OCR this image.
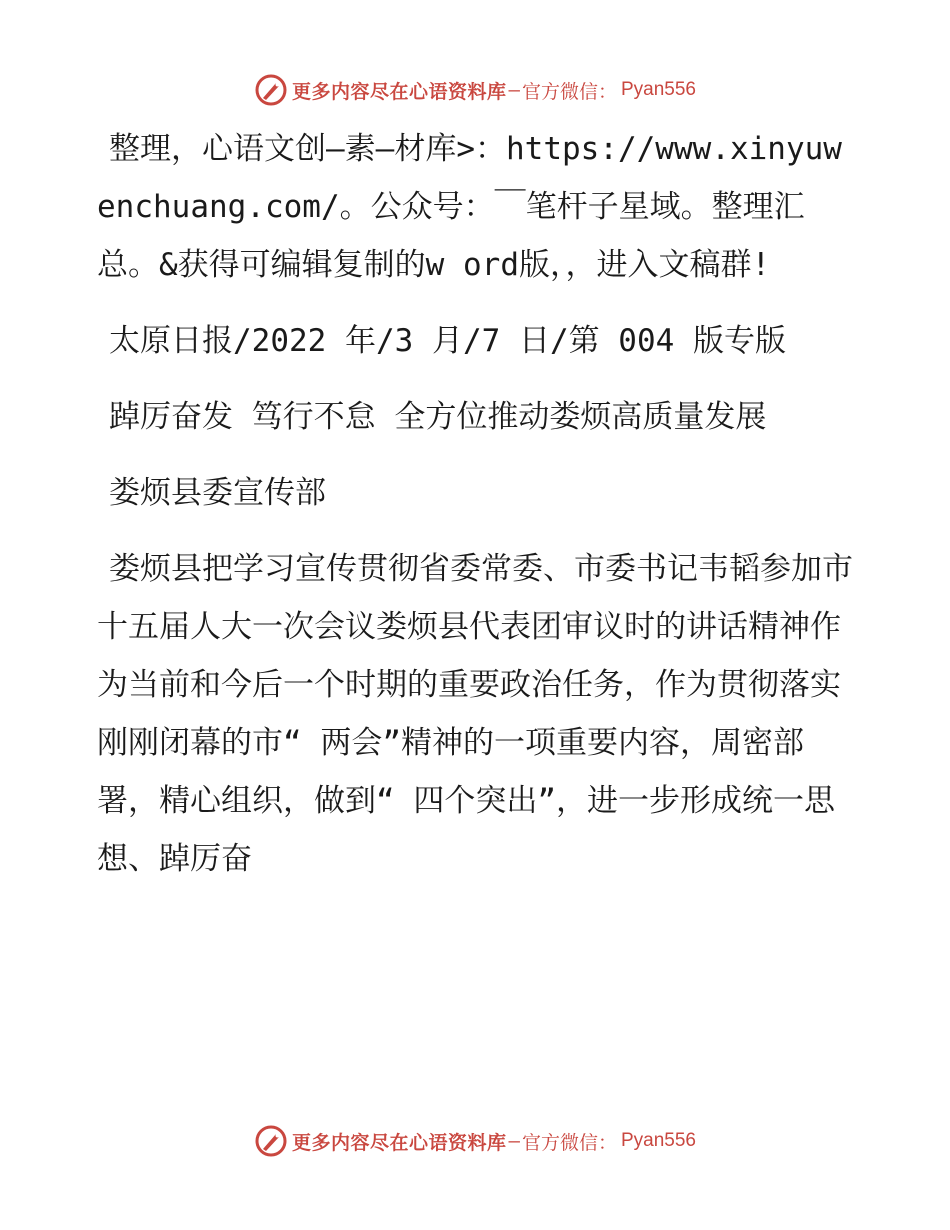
更多内容尽在心语资料库 — 官方微信： Pyan556

整理，心语文创—素—材库>：https://www.xinyuwenchuang.com/。公众号：￣笔杆子星域。整理汇总。&获得可编辑复制的w ord版，，进入文稿群!

太原日报/2022 年/3 月/7 日/第 004 版专版

踔厉奋发 笃行不怠 全方位推动娄烦高质量发展

娄烦县委宣传部

娄烦县把学习宣传贯彻省委常委、市委书记韦韬参加市十五届人大一次会议娄烦县代表团审议时的讲话精神作为当前和今后一个时期的重要政治任务，作为贯彻落实刚刚闭幕的市“ 两会”精神的一项重要内容，周密部署，精心组织，做到“ 四个突出”，进一步形成统一思想、踔厉奋

更多内容尽在心语资料库 — 官方微信： Pyan556
